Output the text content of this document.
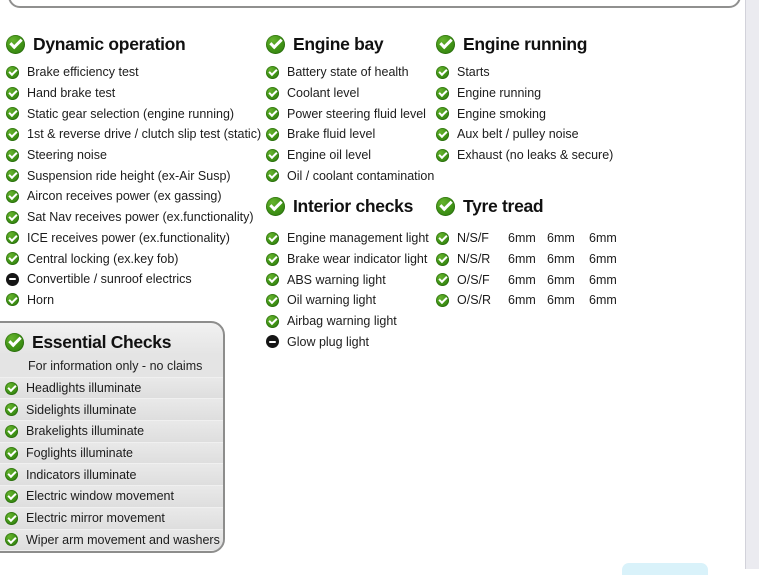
Dynamic operation
Brake efficiency test
Hand brake test
Static gear selection (engine running)
1st & reverse drive / clutch slip test (static)
Steering noise
Suspension ride height (ex-Air Susp)
Aircon receives power (ex gassing)
Sat Nav receives power (ex.functionality)
ICE receives power (ex.functionality)
Central locking (ex.key fob)
Convertible / sunroof electrics
Horn
Engine bay
Battery state of health
Coolant level
Power steering fluid level
Brake fluid level
Engine oil level
Oil / coolant contamination
Interior checks
Engine management light
Brake wear indicator light
ABS warning light
Oil warning light
Airbag warning light
Glow plug light
Engine running
Starts
Engine running
Engine smoking
Aux belt / pulley noise
Exhaust (no leaks & secure)
Tyre tread
N/S/F	6mm 6mm 6mm
N/S/R	6mm 6mm 6mm
O/S/F	6mm 6mm 6mm
O/S/R	6mm 6mm 6mm
Essential Checks
For information only - no claims
Headlights illuminate
Sidelights illuminate
Brakelights illuminate
Foglights illuminate
Indicators illuminate
Electric window movement
Electric mirror movement
Wiper arm movement and washers
